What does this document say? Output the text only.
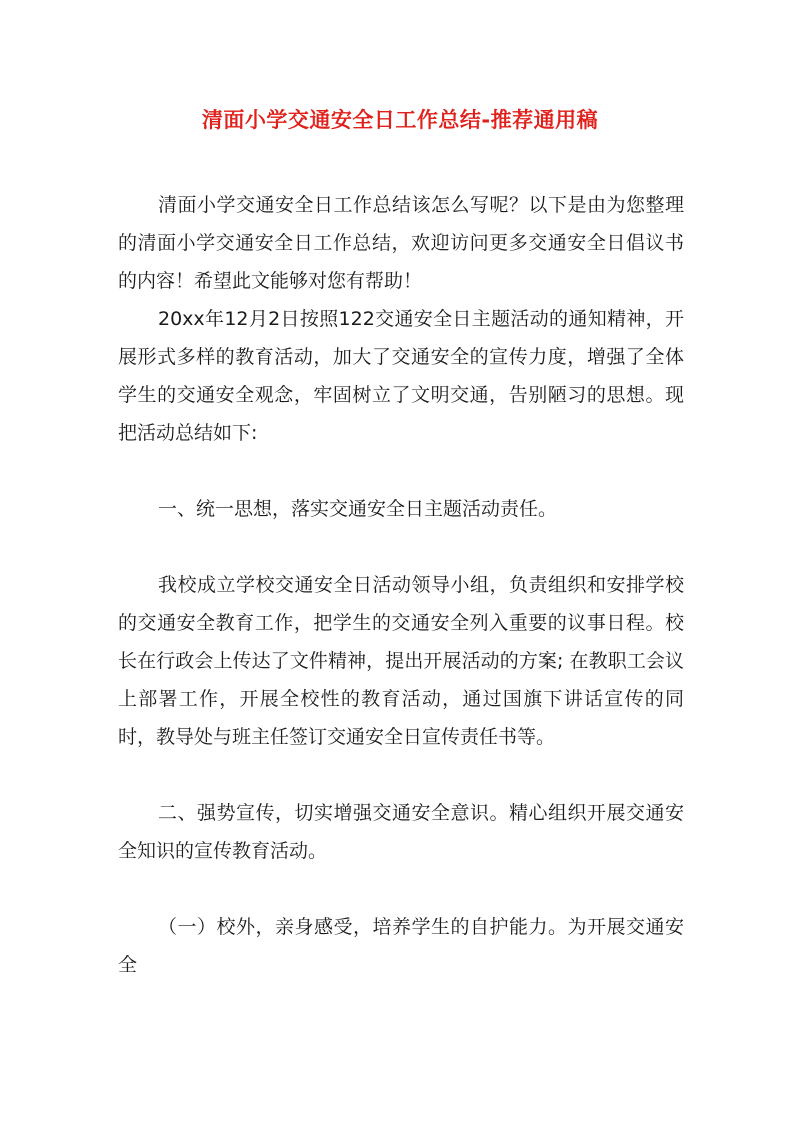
清面小学交通安全日工作总结-推荐通用稿

清面小学交通安全日工作总结该怎么写呢？以下是由为您整理的清面小学交通安全日工作总结，欢迎访问更多交通安全日倡议书的内容！希望此文能够对您有帮助！

20xx年12月2日按照122交通安全日主题活动的通知精神，开展形式多样的教育活动，加大了交通安全的宣传力度，增强了全体学生的交通安全观念，牢固树立了文明交通，告别陋习的思想。现把活动总结如下:

一、统一思想，落实交通安全日主题活动责任。

我校成立学校交通安全日活动领导小组，负责组织和安排学校的交通安全教育工作，把学生的交通安全列入重要的议事日程。校长在行政会上传达了文件精神，提出开展活动的方案; 在教职工会议上部署工作，开展全校性的教育活动，通过国旗下讲话宣传的同时，教导处与班主任签订交通安全日宣传责任书等。

二、强势宣传，切实增强交通安全意识。精心组织开展交通安全知识的宣传教育活动。

（一）校外，亲身感受，培养学生的自护能力。为开展交通安全
